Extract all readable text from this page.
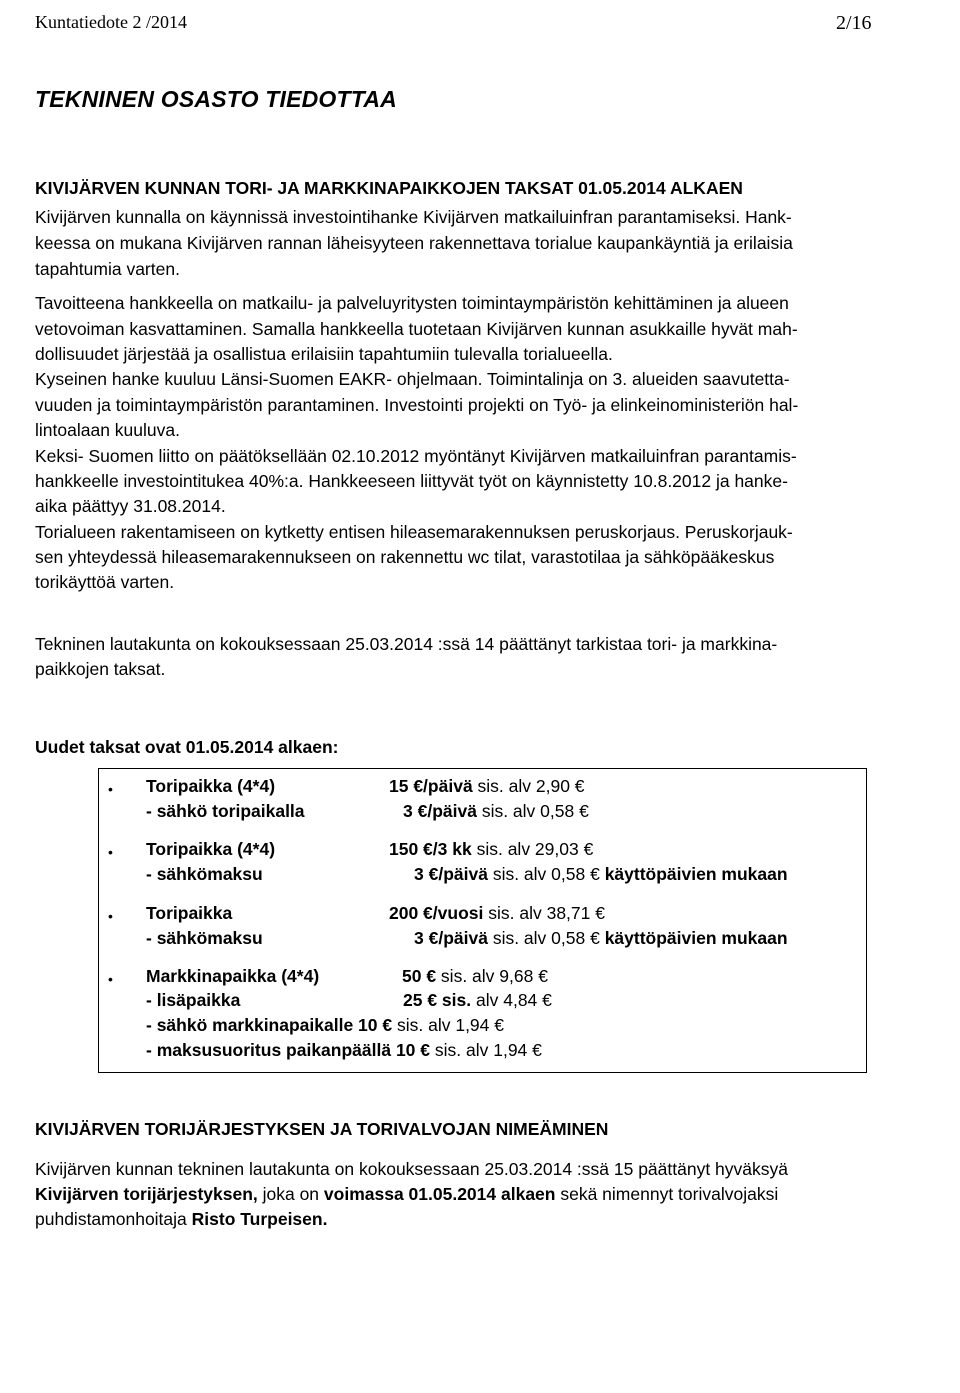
Kuntatiedote 2 /2014	2/16
TEKNINEN OSASTO TIEDOTTAA
KIVIJÄRVEN KUNNAN TORI- JA MARKKINAPAIKKOJEN TAKSAT 01.05.2014 ALKAEN

Kivijärven kunnalla on käynnissä investointihanke Kivijärven matkailuinfran parantamiseksi. Hank-

keessa on mukana Kivijärven rannan läheisyyteen rakennettava torialue kaupankäyntiä ja erilaisia

tapahtumia varten.

Tavoitteena hankkeella on matkailu- ja palveluyritysten toimintaympäristön kehittäminen ja alueen

vetovoiman kasvattaminen. Samalla hankkeella tuotetaan Kivijärven kunnan asukkaille hyvät mah-

dollisuudet järjestää ja osallistua erilaisiin tapahtumiin tulevalla torialueella.

Kyseinen hanke kuuluu Länsi-Suomen EAKR- ohjelmaan. Toimintalinja on 3. alueiden saavutetta-

vuuden ja toimintaympäristön parantaminen. Investointi projekti on Työ- ja elinkeinoministeriön hal-

lintoalaan kuuluva.

Keksi- Suomen liitto on päätöksellään 02.10.2012 myöntänyt Kivijärven matkailuinfran parantamis-

hankkeelle investointitukea 40%:a. Hankkeeseen liittyvät työt on käynnistetty 10.8.2012 ja hanke-

aika päättyy 31.08.2014.

Torialueen rakentamiseen on kytketty entisen hileasemarakennuksen peruskorjaus. Peruskorjauk-

sen yhteydessä hileasemarakennukseen on rakennettu wc tilat, varastotilaa ja sähköpääkeskus

torikäyttöä varten.

Tekninen lautakunta on kokouksessaan 25.03.2014 :ssä 14 päättänyt tarkistaa tori- ja markkina-

paikkojen taksat.

Uudet taksat ovat 01.05.2014 alkaen:
• Toripaikka (4*4)	15 €/päivä sis. alv 2,90 €
- sähkö toripaikalla	3 €/päivä sis. alv 0,58 €
• Toripaikka (4*4)	150 €/3 kk sis. alv 29,03 €
- sähkömaksu	3 €/päivä sis. alv 0,58 € käyttöpäivien mukaan
• Toripaikka	200 €/vuosi sis. alv 38,71 €
- sähkömaksu	3 €/päivä sis. alv 0,58 € käyttöpäivien mukaan
• Markkinapaikka (4*4)	50 € sis. alv 9,68 €
- lisäpaikka	25 € sis. alv 4,84 €
- sähkö markkinapaikalle 10 € sis. alv 1,94 €
- maksusuoritus paikanpäällä 10 € sis. alv 1,94 €
KIVIJÄRVEN TORIJÄRJESTYKSEN JA TORIVALVOJAN NIMEÄMINEN

Kivijärven kunnan tekninen lautakunta on kokouksessaan 25.03.2014 :ssä 15 päättänyt hyväksyä

Kivijärven torijärjestyksen, joka on voimassa 01.05.2014 alkaen sekä nimennyt torivalvojaksi

puhdistamonhoitaja Risto Turpeisen.
